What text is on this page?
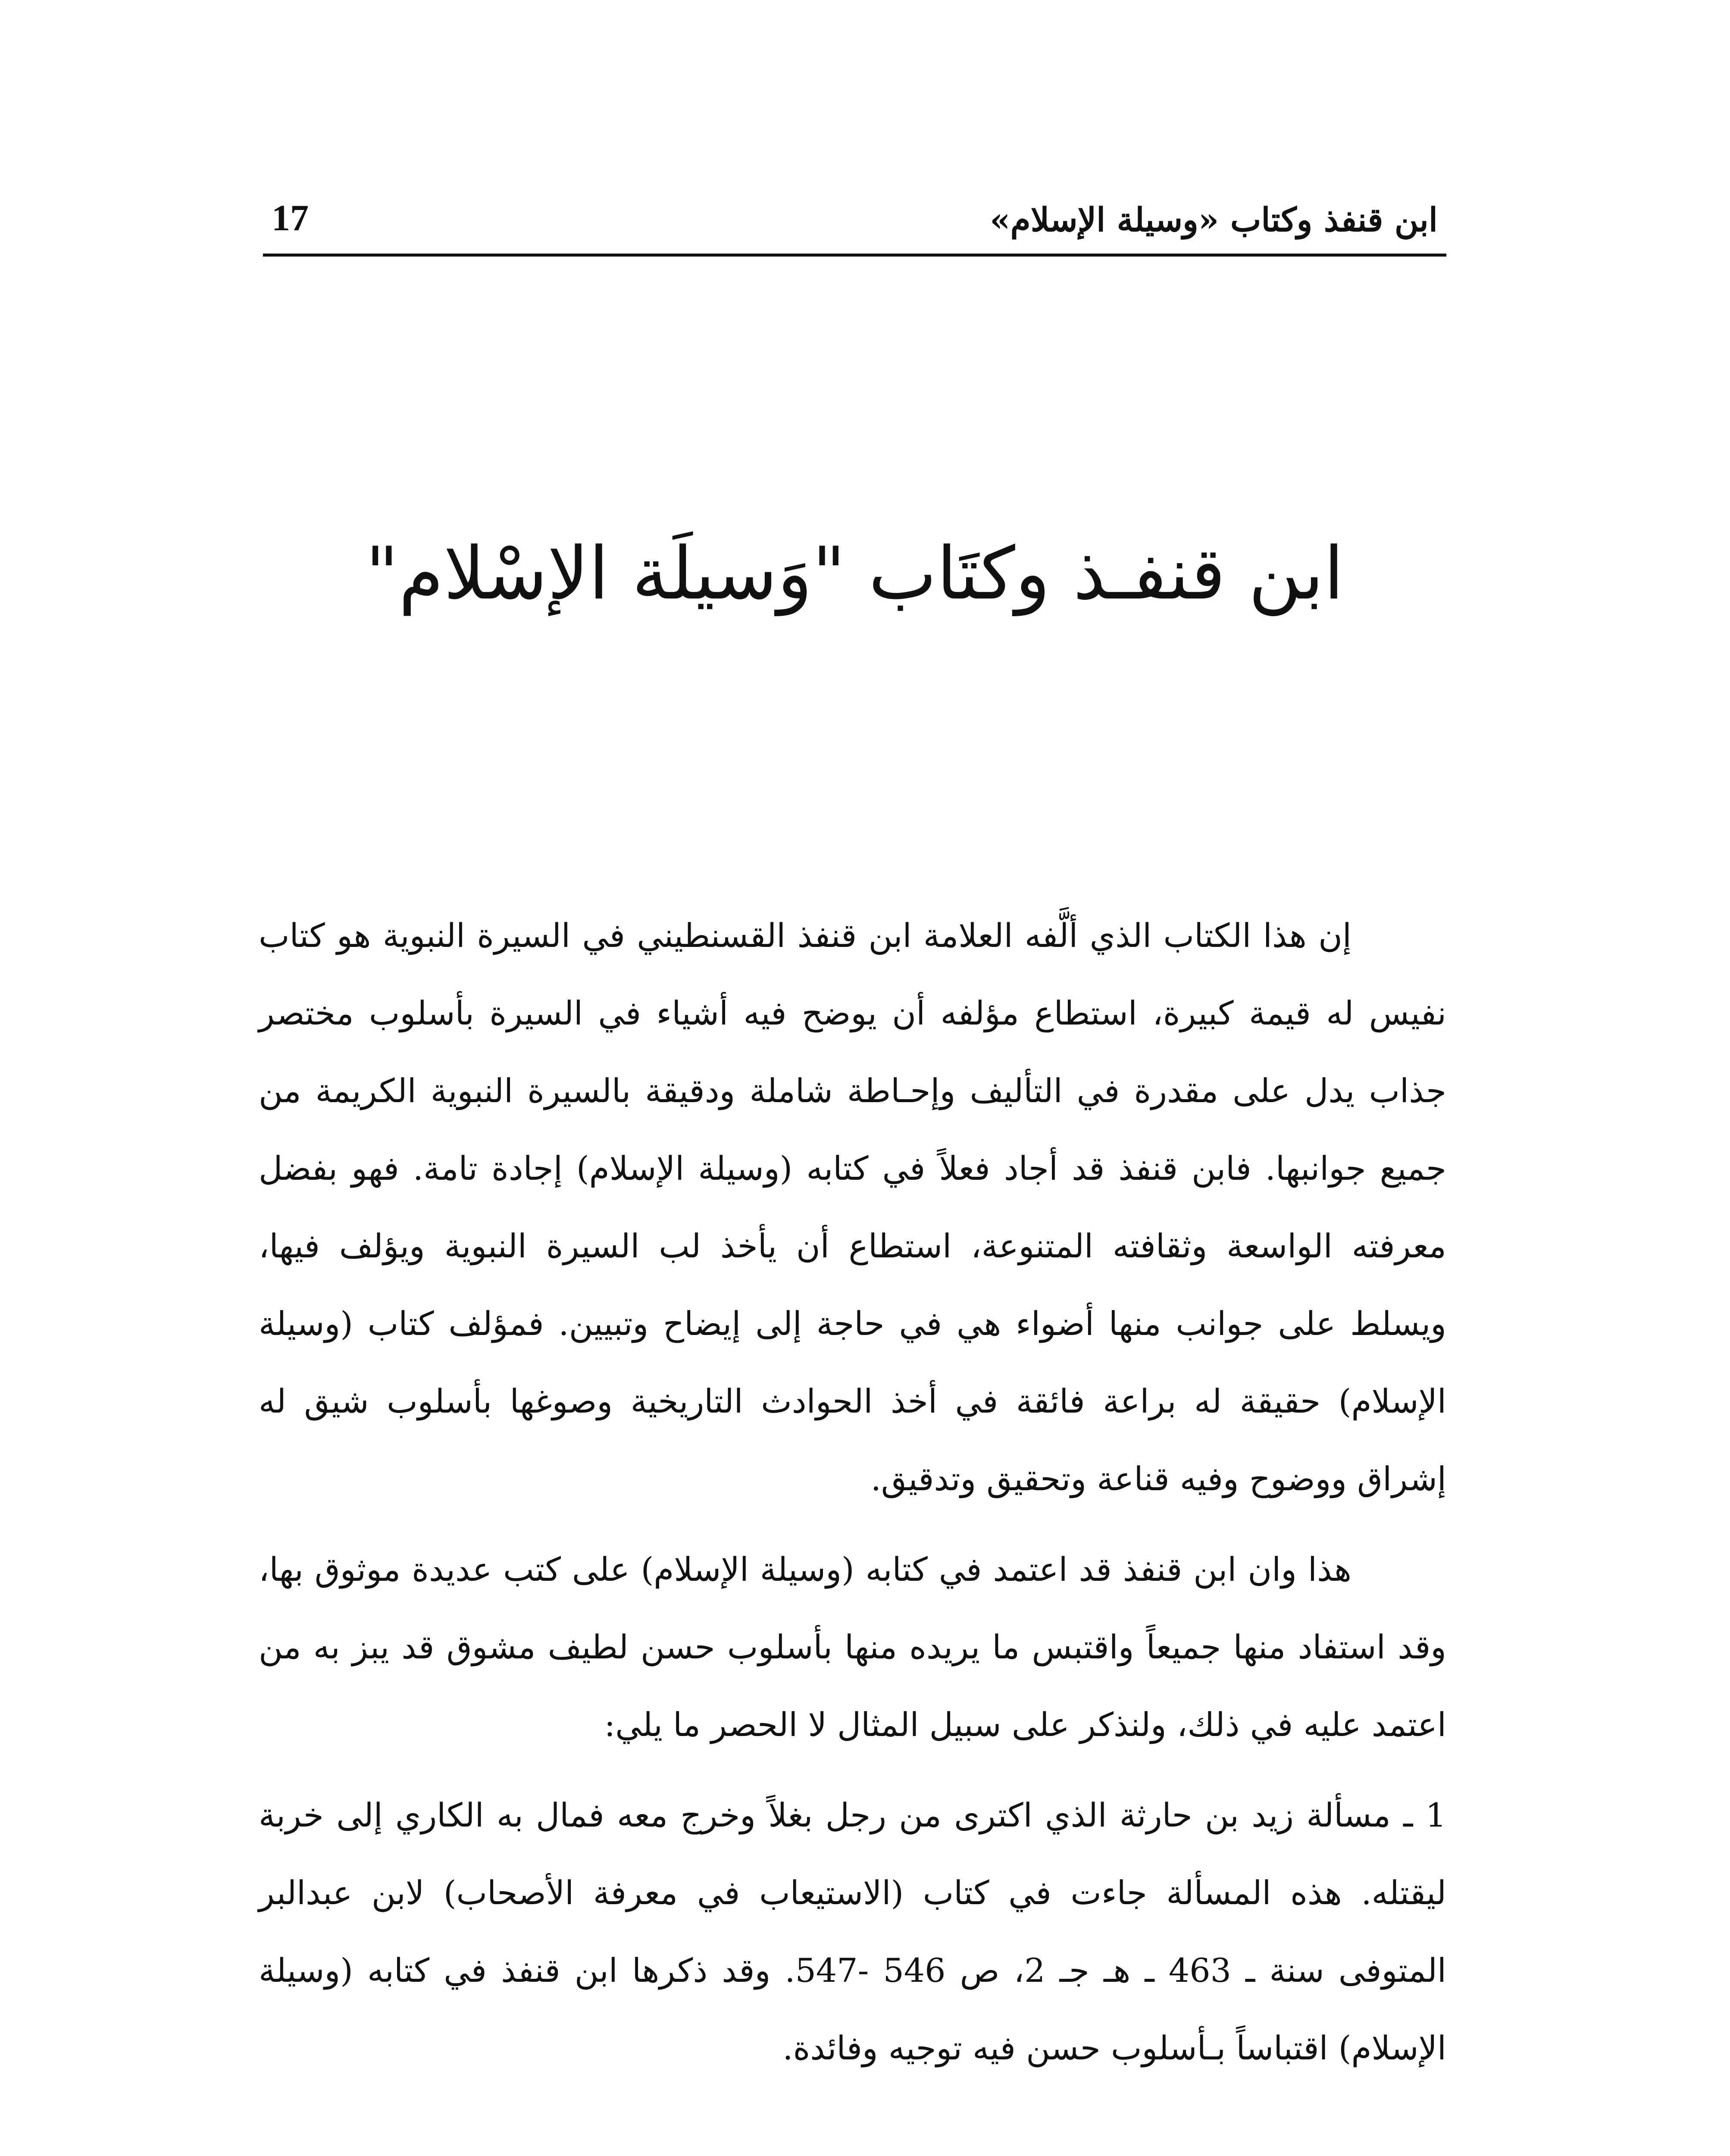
ابن قنفذ وكتاب «وسيلة الإسلام»
17
ابن قنفـذ وكتَاب "وَسيلَة الإسْلام"

إن هذا الكتاب الذي ألَّفه العلامة ابن قنفذ القسنطيني في السيرة النبوية هو كتاب نفيس له قيمة كبيرة، استطاع مؤلفه أن يوضح فيه أشياء في السيرة بأسلوب مختصر جذاب يدل على مقدرة في التأليف وإحـاطة شاملة ودقيقة بالسيرة النبوية الكريمة من جميع جوانبها. فابن قنفذ قد أجاد فعلاً في كتابه (وسيلة الإسلام) إجادة تامة. فهو بفضل معرفته الواسعة وثقافته المتنوعة، استطاع أن يأخذ لب السيرة النبوية ويؤلف فيها، ويسلط على جوانب منها أضواء هي في حاجة إلى إيضاح وتبيين. فمؤلف كتاب (وسيلة الإسلام) حقيقة له براعة فائقة في أخذ الحوادث التاريخية وصوغها بأسلوب شيق له إشراق ووضوح وفيه قناعة وتحقيق وتدقيق.

هذا وان ابن قنفذ قد اعتمد في كتابه (وسيلة الإسلام) على كتب عديدة موثوق بها، وقد استفاد منها جميعاً واقتبس ما يريده منها بأسلوب حسن لطيف مشوق قد يبز به من اعتمد عليه في ذلك، ولنذكر على سبيل المثال لا الحصر ما يلي:

1 ـ مسألة زيد بن حارثة الذي اكترى من رجل بغلاً وخرج معه فمال به الكاري إلى خربة ليقتله. هذه المسألة جاءت في كتاب (الاستيعاب في معرفة الأصحاب) لابن عبدالبر المتوفى سنة ـ 463 ـ هـ جـ 2، ص 546 -547. وقد ذكرها ابن قنفذ في كتابه (وسيلة الإسلام) اقتباساً بـأسلوب حسن فيه توجيه وفائدة.
